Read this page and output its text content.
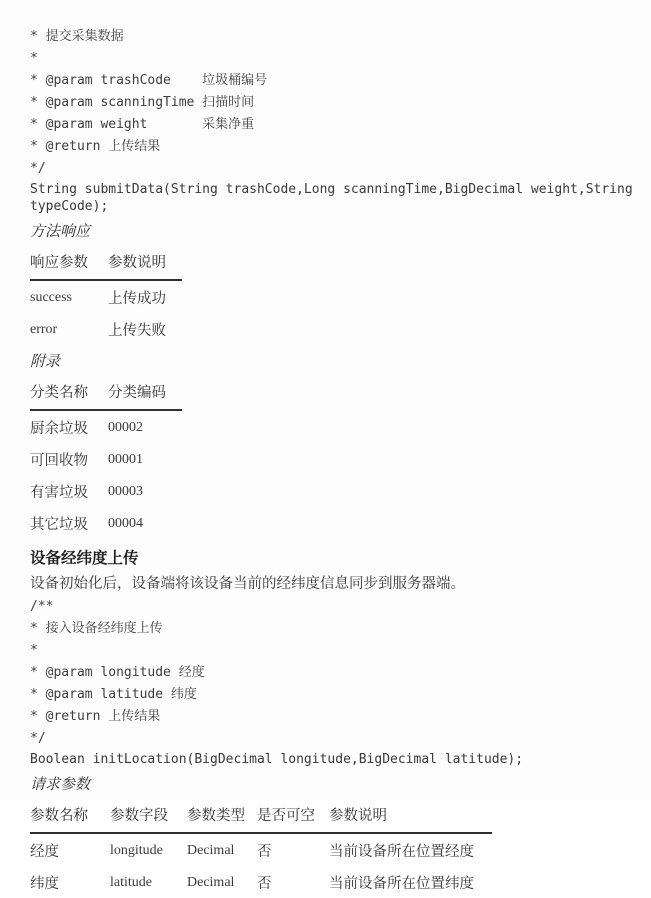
* 提交采集数据
*
* @param trashCode    垃圾桶编号
* @param scanningTime 扫描时间
* @param weight       采集净重
* @return 上传结果
*/
String submitData(String trashCode,Long scanningTime,BigDecimal weight,String
typeCode);
方法响应
响应参数	参数说明
success	上传成功
error	上传失败
附录
分类名称	分类编码
厨余垃圾	00002
可回收物	00001
有害垃圾	00003
其它垃圾	00004
设备经纬度上传
设备初始化后，设备端将该设备当前的经纬度信息同步到服务器端。
/**
* 接入设备经纬度上传
*
* @param longitude 经度
* @param latitude 纬度
* @return 上传结果
*/
Boolean initLocation(BigDecimal longitude,BigDecimal latitude);
请求参数
参数名称	参数字段	参数类型	是否可空	参数说明
经度	longitude	Decimal	否	当前设备所在位置经度
纬度	latitude	Decimal	否	当前设备所在位置纬度
